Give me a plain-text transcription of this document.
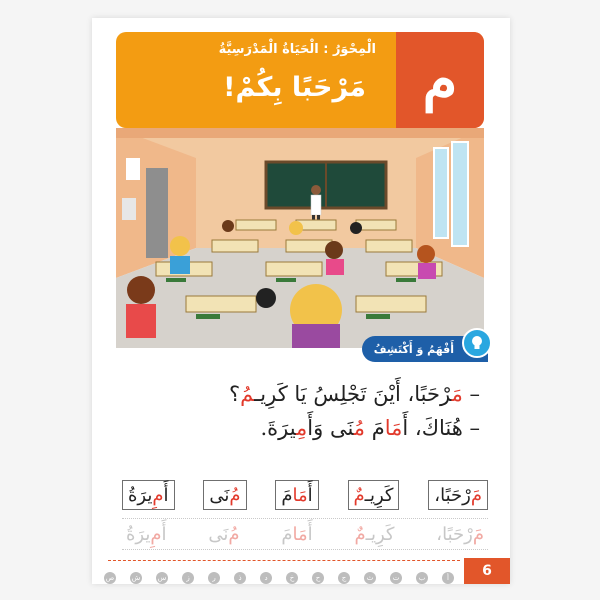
الْمِحْوَرُ : الْحَيَاةُ الْمَدْرَسِيَّةُ
مَرْحَبًا بِكُمْ! م
أَفْهَمُ وَ أَكْتَشِفُ
– مَرْحَبًا، أَيْنَ تَجْلِسُ يَا كَرِيـمُ؟
– هُنَاكَ، أَمَامَ مُنَى وَأَمِيرَةَ.
مَ
رْحَبًا،
كَرِيـ
مٌ
أَ
مَا
مَ
مُ
نَى
أَ
مِ
يرَةُ
مَ
رْحَبًا،
كَرِيـ
مٌ
أَ
مَا
مَ
مُ
نَى
أَ
مِ
يرَةُ
6
أ
ب
ت
ث
ج
ح
خ
د
ذ
ر
ز
س
ش
ص
